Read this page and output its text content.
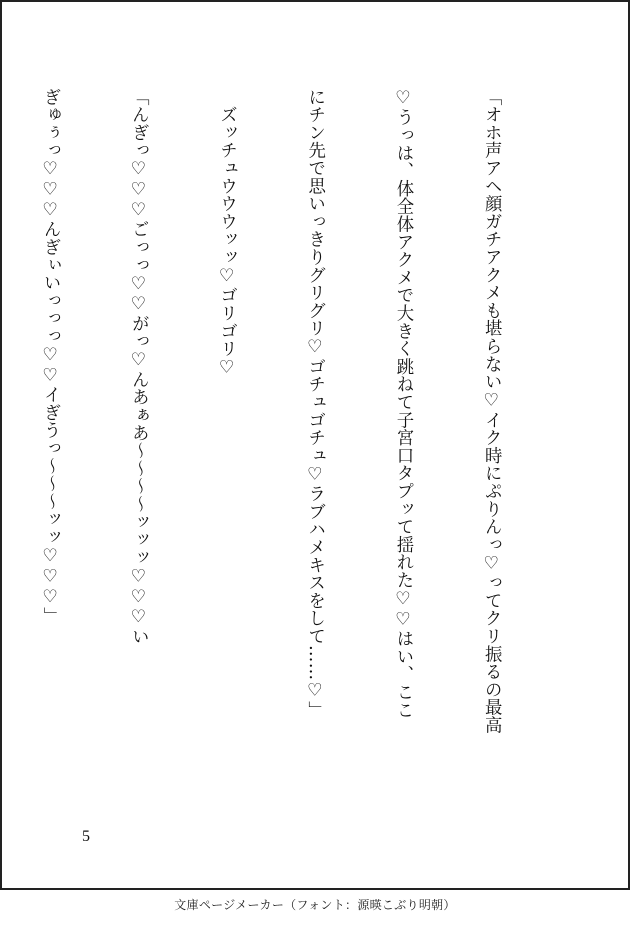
「オホ声アヘ顔ガチアクメも堪らない♡イク時にぷりんっ♡ってクリ振るの最高

♡うっは、体全体アクメで大きく跳ねて子宮口タプッて揺れた♡♡はい、ここ

にチン先で思いっきりグリグリ♡ゴチュゴチュ♡ラブハメキスをして……♡」

　ズッチュウウウッッ♡ゴリゴリ♡

「んぎっ♡♡♡ごっっ♡♡がっ♡んあぁあ～～～～ッッッ♡♡♡い

ぎゅぅっ♡♡♡んぎぃいっっっ♡♡イぎうっ～～～ッッ♡♡♡」

5
文庫ページメーカー（フォント：源暎こぶり明朝）
